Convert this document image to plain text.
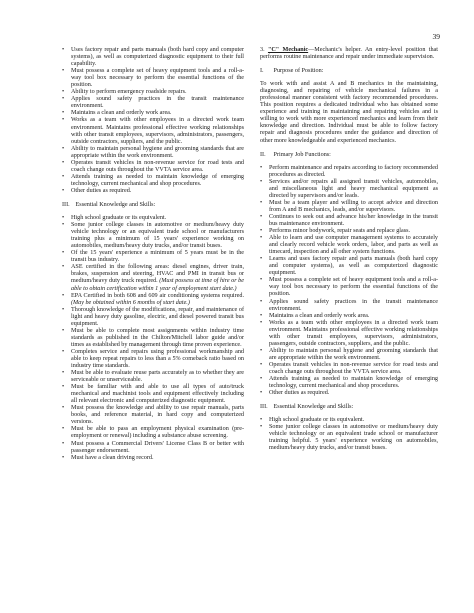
39
• Uses factory repair and parts manuals (both hard copy and computer systems), as well as computerized diagnostic equipment to their full capability.
• Must possess a complete set of heavy equipment tools and a roll-a-way tool box necessary to perform the essential functions of the position.
• Ability to perform emergency roadside repairs.
• Applies sound safety practices in the transit maintenance environment.
• Maintains a clean and orderly work area.
• Works as a team with other employees in a directed work team environment. Maintains professional effective working relationships with other transit employees, supervisors, administrators, passengers, outside contractors, suppliers, and the public.
• Ability to maintain personal hygiene and grooming standards that are appropriate within the work environment.
• Operates transit vehicles in non-revenue service for road tests and coach change outs throughout the VVTA service area.
• Attends training as needed to maintain knowledge of emerging technology, current mechanical and shop procedures.
• Other duties as required.
III. Essential Knowledge and Skills:
• High school graduate or its equivalent.
• Some junior college classes in automotive or medium/heavy duty vehicle technology or an equivalent trade school or manufacturers training plus a minimum of 15 years' experience working on automobiles, medium/heavy duty trucks, and/or transit buses.
• Of the 15 years' experience a minimum of 5 years must be in the transit bus industry.
• ASE certified in the following areas: diesel engines, driver train, brakes, suspension and steering, HVAC and PMI in transit bus or medium/heavy duty truck required. (Must possess at time of hire or be able to obtain certification within 1 year of employment start date.)
• EPA Certified in both 608 and 609 air conditioning systems required. (May be obtained within 6 months of start date.)
• Thorough knowledge of the modifications, repair, and maintenance of light and heavy duty gasoline, electric, and diesel powered transit bus equipment.
• Must be able to complete most assignments within industry time standards as published in the Chilton/Mitchell labor guide and/or times as established by management through time proven experience.
• Completes service and repairs using professional workmanship and able to keep repeat repairs to less than a 5% comeback ratio based on industry time standards.
• Must be able to evaluate reuse parts accurately as to whether they are serviceable or unserviceable.
• Must be familiar with and able to use all types of auto/truck mechanical and machinist tools and equipment effectively including all relevant electronic and computerized diagnostic equipment.
• Must possess the knowledge and ability to use repair manuals, parts books, and reference material, in hard copy and computerized versions.
• Must be able to pass an employment physical examination (pre-employment or renewal) including a substance abuse screening.
• Must possess a Commercial Drivers' License Class B or better with passenger endorsement.
• Must have a clean driving record.
3. "C" Mechanic—Mechanic's helper. An entry-level position that performs routine maintenance and repair under immediate supervision.
I. Purpose of Position:
To work with and assist A and B mechanics in the maintaining, diagnosing, and repairing of vehicle mechanical failures in a professional manner consistent with factory recommended procedures. This position requires a dedicated individual who has obtained some experience and training in maintaining and repairing vehicles and is willing to work with more experienced mechanics and learn from their knowledge and direction. Individual must be able to follow factory repair and diagnosis procedures under the guidance and direction of other more knowledgeable and experienced mechanics.
II. Primary Job Functions:
• Perform maintenance and repairs according to factory recommended procedures as directed.
• Services and/or repairs all assigned transit vehicles, automobiles, and miscellaneous light and heavy mechanical equipment as directed by supervisors and/or leads.
• Must be a team player and willing to accept advice and direction from A and B mechanics, leads, and/or supervisors.
• Continues to seek out and advance his/her knowledge in the transit bus maintenance environment.
• Performs minor bodywork, repair seats and replace glass.
• Able to learn and use computer management systems to accurately and clearly record vehicle work orders, labor, and parts as well as timecard, inspection and all other system functions.
• Learns and uses factory repair and parts manuals (both hard copy and computer systems), as well as computerized diagnostic equipment.
• Must possess a complete set of heavy equipment tools and a roll-a-way tool box necessary to perform the essential functions of the position.
• Applies sound safety practices in the transit maintenance environment.
• Maintains a clean and orderly work area.
• Works as a team with other employees in a directed work team environment. Maintains professional effective working relationships with other transit employees, supervisors, administrators, passengers, outside contractors, suppliers, and the public.
• Ability to maintain personal hygiene and grooming standards that are appropriate within the work environment.
• Operates transit vehicles in non-revenue service for road tests and coach change outs throughout the VVTA service area.
• Attends training as needed to maintain knowledge of emerging technology, current mechanical and shop procedures.
• Other duties as required.
III. Essential Knowledge and Skills:
• High school graduate or its equivalent.
• Some junior college classes in automotive or medium/heavy duty vehicle technology or an equivalent trade school or manufacturer training helpful. 5 years' experience working on automobiles, medium/heavy duty trucks, and/or transit buses.
